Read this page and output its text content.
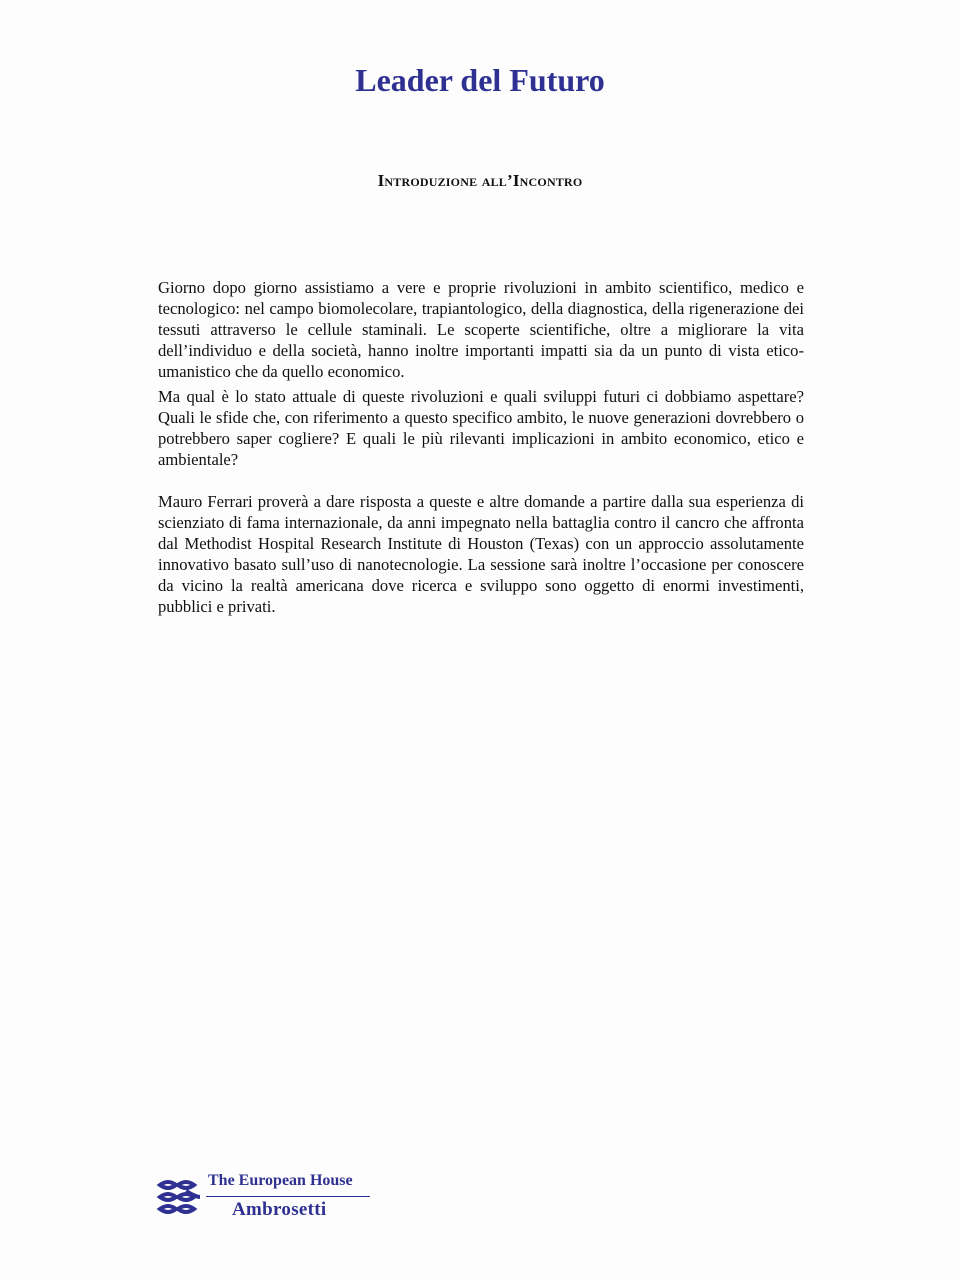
Leader del Futuro
Introduzione all’Incontro

Giorno dopo giorno assistiamo a vere e proprie rivoluzioni in ambito scientifico, medico e tecnologico: nel campo biomolecolare, trapiantologico, della diagnostica, della rigenerazione dei tessuti attraverso le cellule staminali. Le scoperte scientifiche, oltre a migliorare la vita dell’individuo e della società, hanno inoltre importanti impatti sia da un punto di vista etico-umanistico che da quello economico.

Ma qual è lo stato attuale di queste rivoluzioni e quali sviluppi futuri ci dobbiamo aspettare? Quali le sfide che, con riferimento a questo specifico ambito, le nuove generazioni dovrebbero o potrebbero saper cogliere? E quali le più rilevanti implicazioni in ambito economico, etico e ambientale?

Mauro Ferrari proverà a dare risposta a queste e altre domande a partire dalla sua esperienza di scienziato di fama internazionale, da anni impegnato nella battaglia contro il cancro che affronta dal Methodist Hospital Research Institute di Houston (Texas) con un approccio assolutamente innovativo basato sull’uso di nanotecnologie. La sessione sarà inoltre l’occasione per conoscere da vicino la realtà americana dove ricerca e sviluppo sono oggetto di enormi investimenti, pubblici e privati.

The European House
Ambrosetti
